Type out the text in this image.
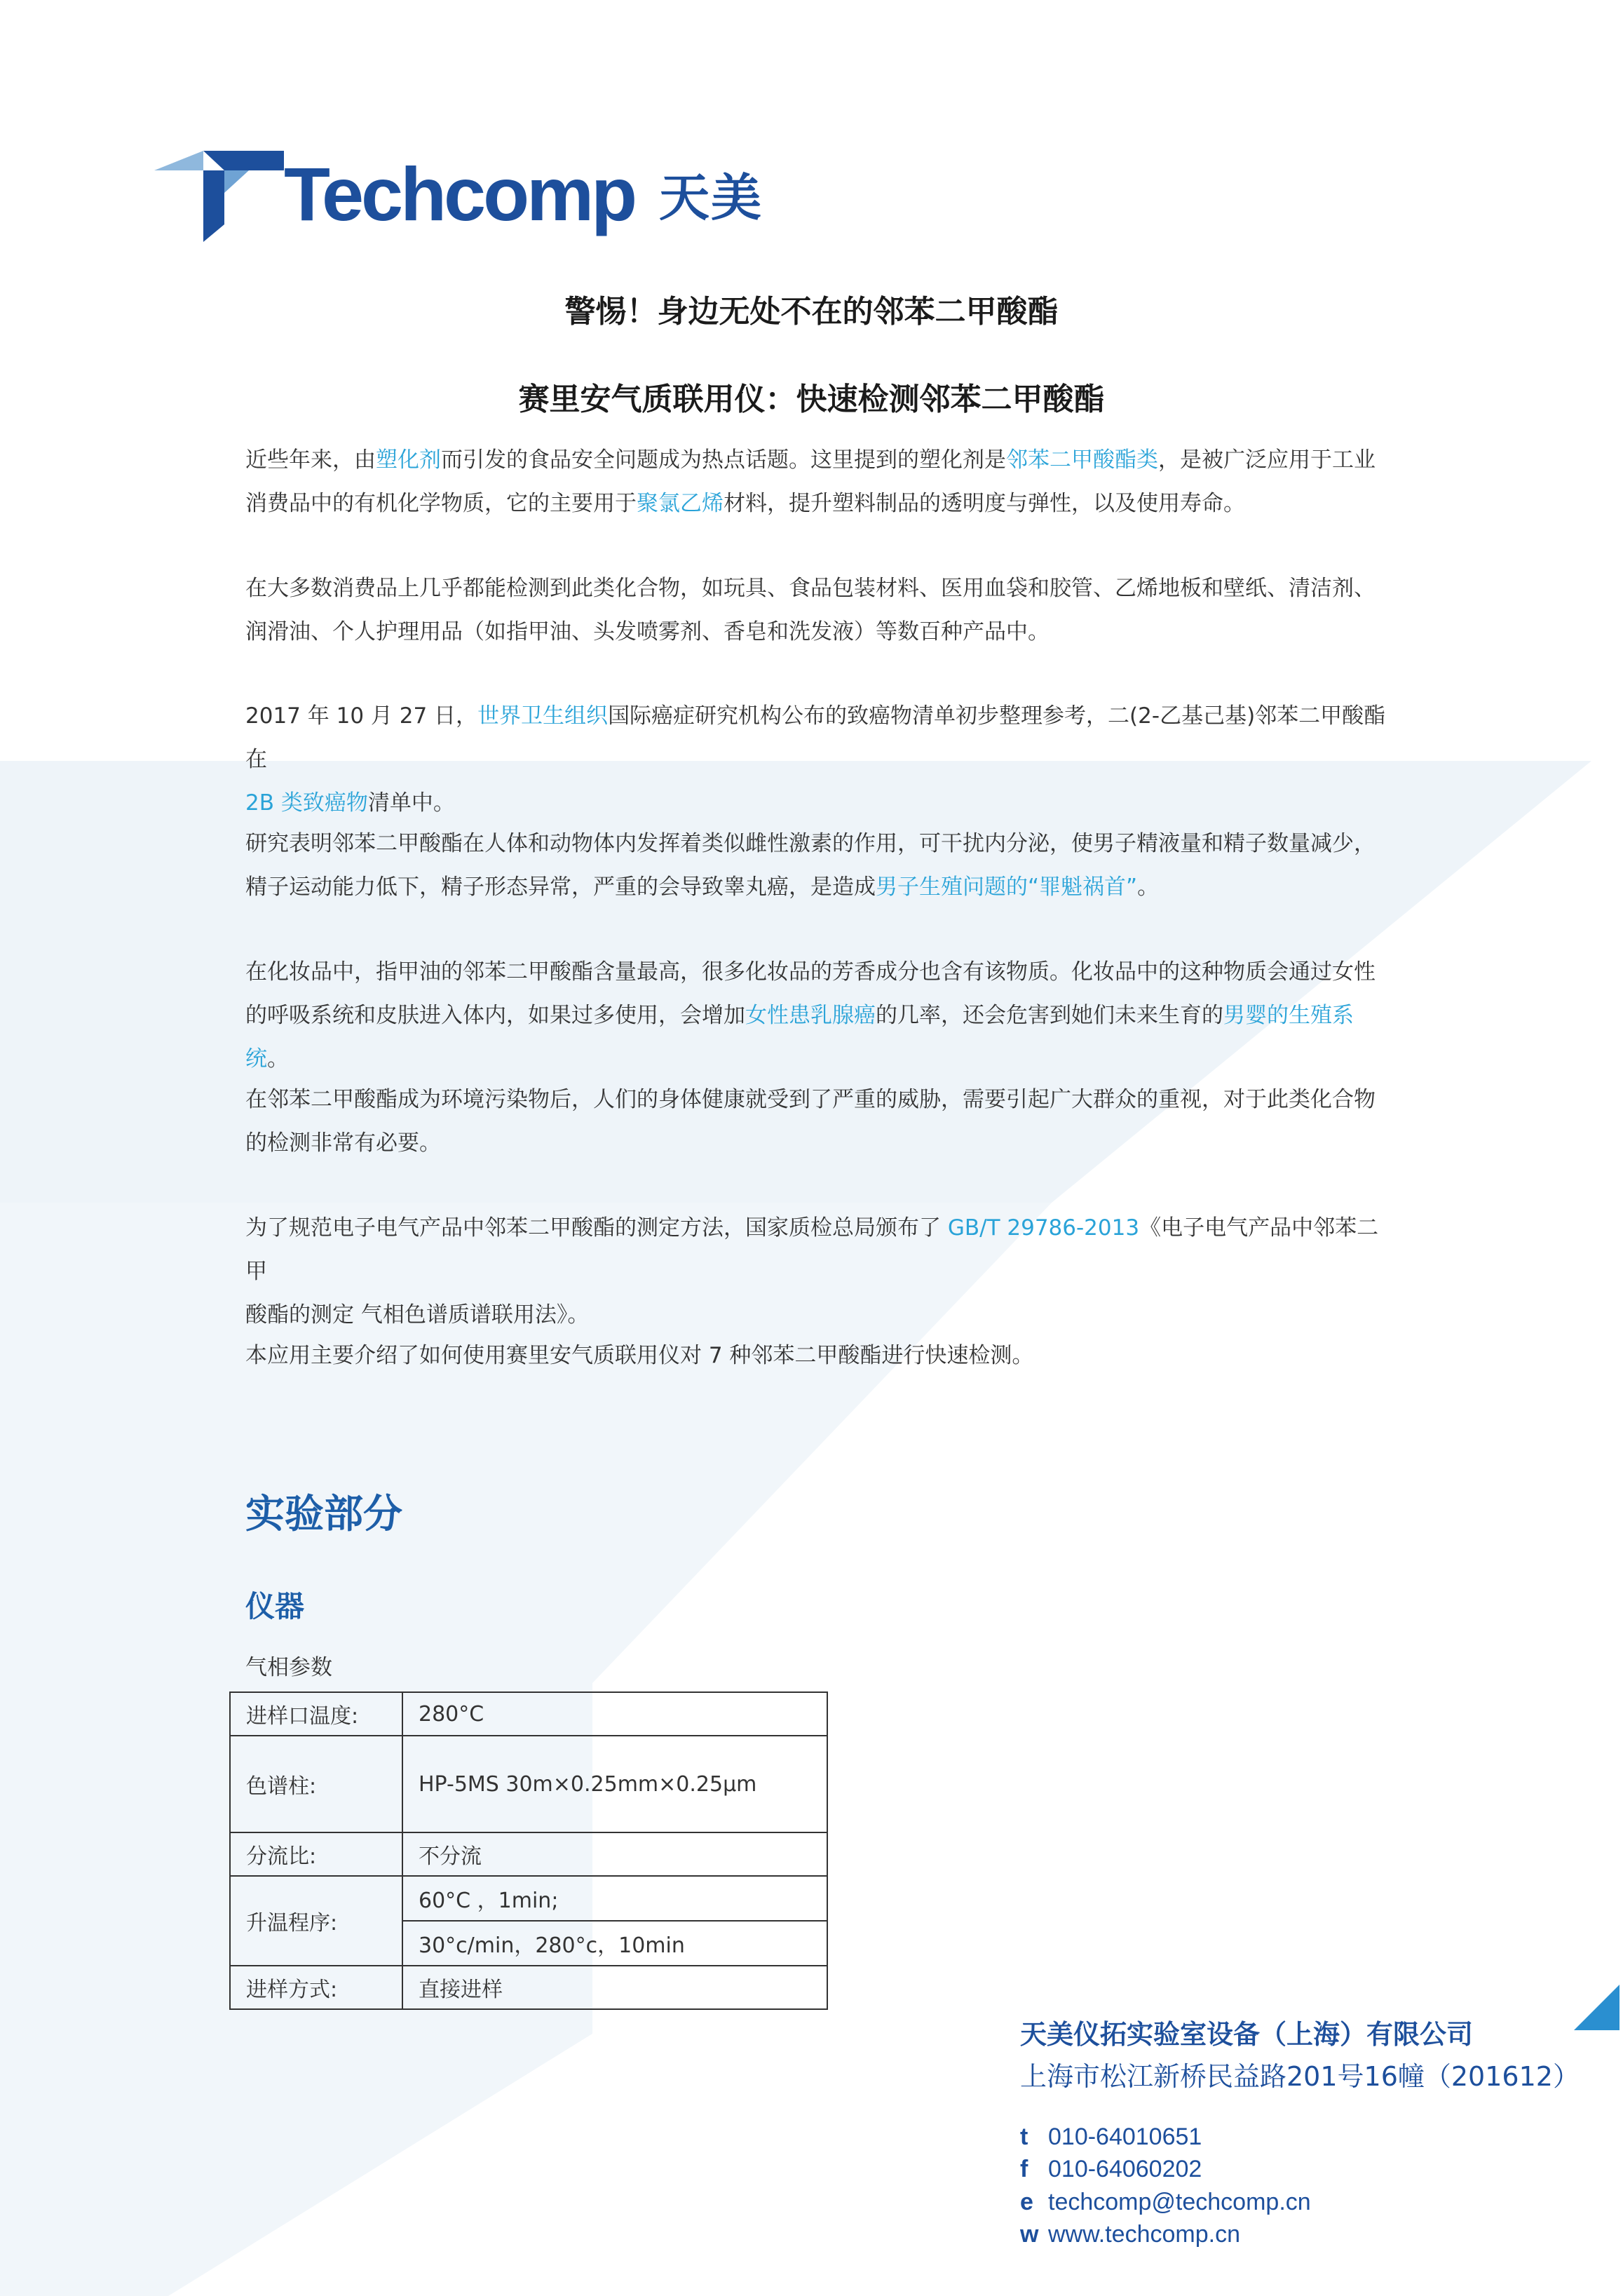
Techcomp 天美
警惕！身边无处不在的邻苯二甲酸酯
赛里安气质联用仪：快速检测邻苯二甲酸酯
近些年来，由塑化剂而引发的食品安全问题成为热点话题。这里提到的塑化剂是邻苯二甲酸酯类，是被广泛应用于工业
消费品中的有机化学物质，它的主要用于聚氯乙烯材料，提升塑料制品的透明度与弹性，以及使用寿命。
在大多数消费品上几乎都能检测到此类化合物，如玩具、食品包装材料、医用血袋和胶管、乙烯地板和壁纸、清洁剂、
润滑油、个人护理用品（如指甲油、头发喷雾剂、香皂和洗发液）等数百种产品中。
2017 年 10 月 27 日，世界卫生组织国际癌症研究机构公布的致癌物清单初步整理参考，二(2-乙基己基)邻苯二甲酸酯在
2B 类致癌物清单中。
研究表明邻苯二甲酸酯在人体和动物体内发挥着类似雌性激素的作用，可干扰内分泌，使男子精液量和精子数量减少，
精子运动能力低下，精子形态异常，严重的会导致睾丸癌，是造成男子生殖问题的“罪魁祸首”。
在化妆品中，指甲油的邻苯二甲酸酯含量最高，很多化妆品的芳香成分也含有该物质。化妆品中的这种物质会通过女性
的呼吸系统和皮肤进入体内，如果过多使用，会增加女性患乳腺癌的几率，还会危害到她们未来生育的男婴的生殖系统。
在邻苯二甲酸酯成为环境污染物后，人们的身体健康就受到了严重的威胁，需要引起广大群众的重视，对于此类化合物
的检测非常有必要。
为了规范电子电气产品中邻苯二甲酸酯的测定方法，国家质检总局颁布了 GB/T 29786-2013《电子电气产品中邻苯二甲
酸酯的测定 气相色谱质谱联用法》。
本应用主要介绍了如何使用赛里安气质联用仪对 7 种邻苯二甲酸酯进行快速检测。
实验部分
仪器
气相参数
进样口温度:	280°C
色谱柱:	HP-5MS 30m×0.25mm×0.25μm
分流比:	不分流
升温程序:	60°C ，1min;
	30°c/min，280°c，10min
进样方式:	直接进样
天美仪拓实验室设备（上海）有限公司
上海市松江新桥民益路201号16幢（201612）
t 010-64010651
f 010-64060202
e techcomp@techcomp.cn
w www.techcomp.cn
